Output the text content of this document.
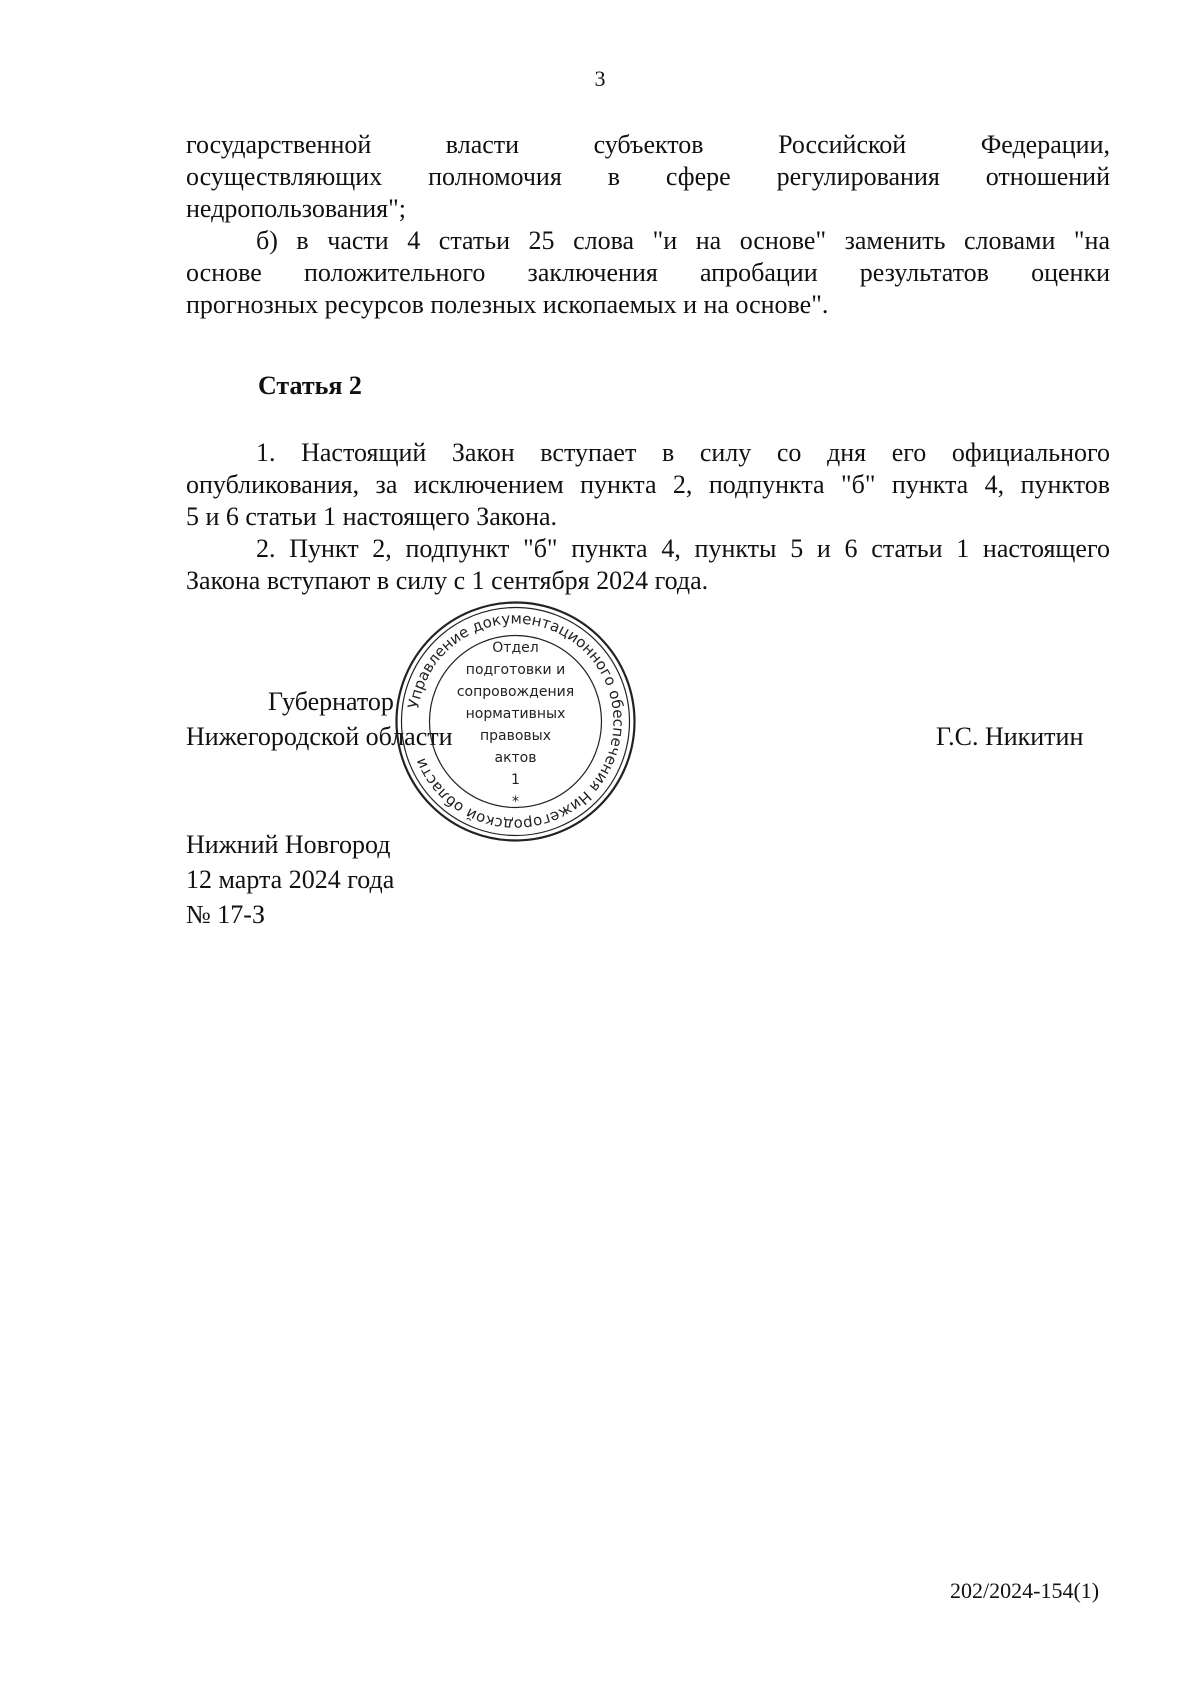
3
государственной власти субъектов Российской Федерации,
осуществляющих полномочия в сфере регулирования отношений
недропользования";
б) в части 4 статьи 25 слова "и на основе" заменить словами "на
основе положительного заключения апробации результатов оценки
прогнозных ресурсов полезных ископаемых и на основе".
Статья 2
1. Настоящий Закон вступает в силу со дня его официального
опубликования, за исключением пункта 2, подпункта "б" пункта 4, пунктов
5 и 6 статьи 1 настоящего Закона.
2. Пункт 2, подпункт "б" пункта 4, пункты 5 и 6 статьи 1 настоящего
Закона вступают в силу с 1 сентября 2024 года.
Губернатор
Нижегородской области	Г.С. Никитин
Управление документационного обеспечения Нижегородской области
Отдел
подготовки и
сопровождения
нормативных
правовых
актов
1
*
Нижний Новгород
12 марта 2024 года
№ 17-З
202/2024-154(1)
